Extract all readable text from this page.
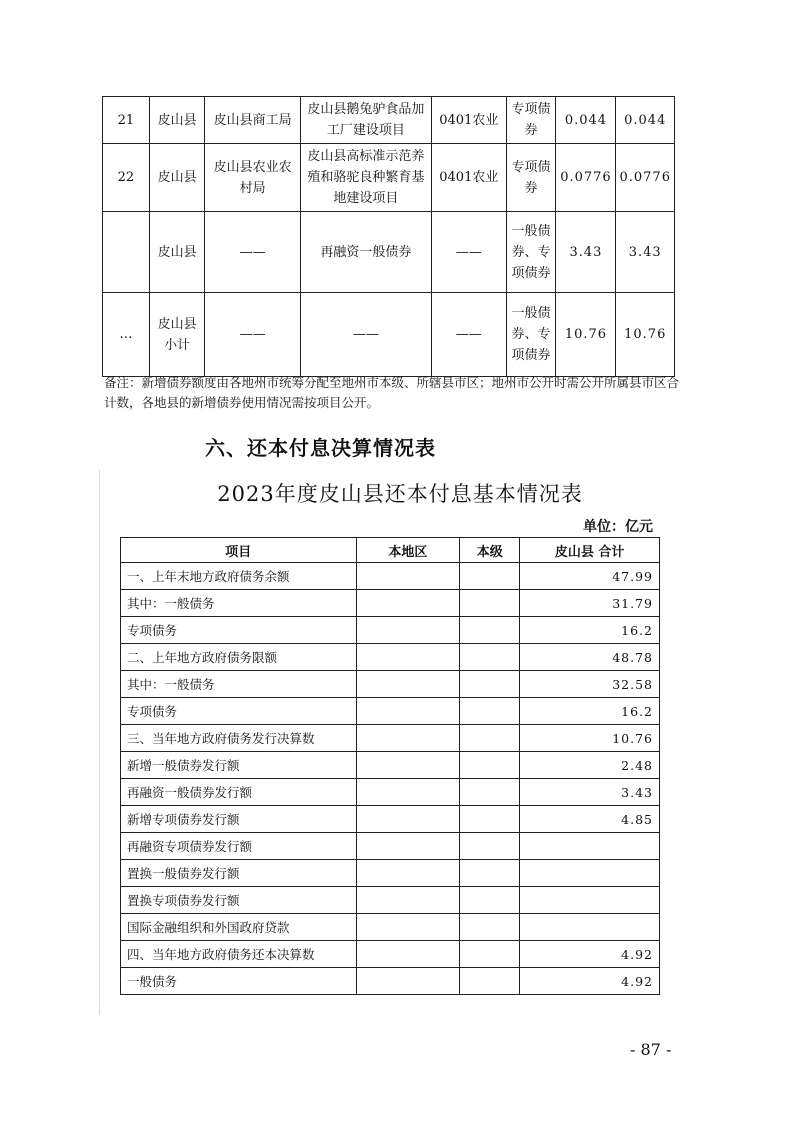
21	皮山县	皮山县商工局	皮山县鹅兔驴食品加工厂建设项目	0401农业	专项债券	0.044	0.044
22	皮山县	皮山县农业农村局	皮山县高标准示范养殖和骆驼良种繁育基地建设项目	0401农业	专项债券	0.0776	0.0776
	皮山县	——	再融资一般债券	——	一般债券、专项债券	3.43	3.43
…	皮山县小计	——	——	——	一般债券、专项债券	10.76	10.76
备注：新增债券额度由各地州市统筹分配至地州市本级、所辖县市区；地州市公开时需公开所属县市区合计数，各地县的新增债券使用情况需按项目公开。
六、还本付息决算情况表
2023年度皮山县还本付息基本情况表
单位：亿元
项目	本地区	本级	皮山县 合计
一、上年末地方政府债务余额			47.99
其中：一般债务			31.79
专项债务			16.2
二、上年地方政府债务限额			48.78
其中：一般债务			32.58
专项债务			16.2
三、当年地方政府债务发行决算数			10.76
新增一般债券发行额			2.48
再融资一般债券发行额			3.43
新增专项债券发行额			4.85
再融资专项债券发行额			
置换一般债券发行额			
置换专项债券发行额			
国际金融组织和外国政府贷款			
四、当年地方政府债务还本决算数			4.92
一般债务			4.92
- 87 -
